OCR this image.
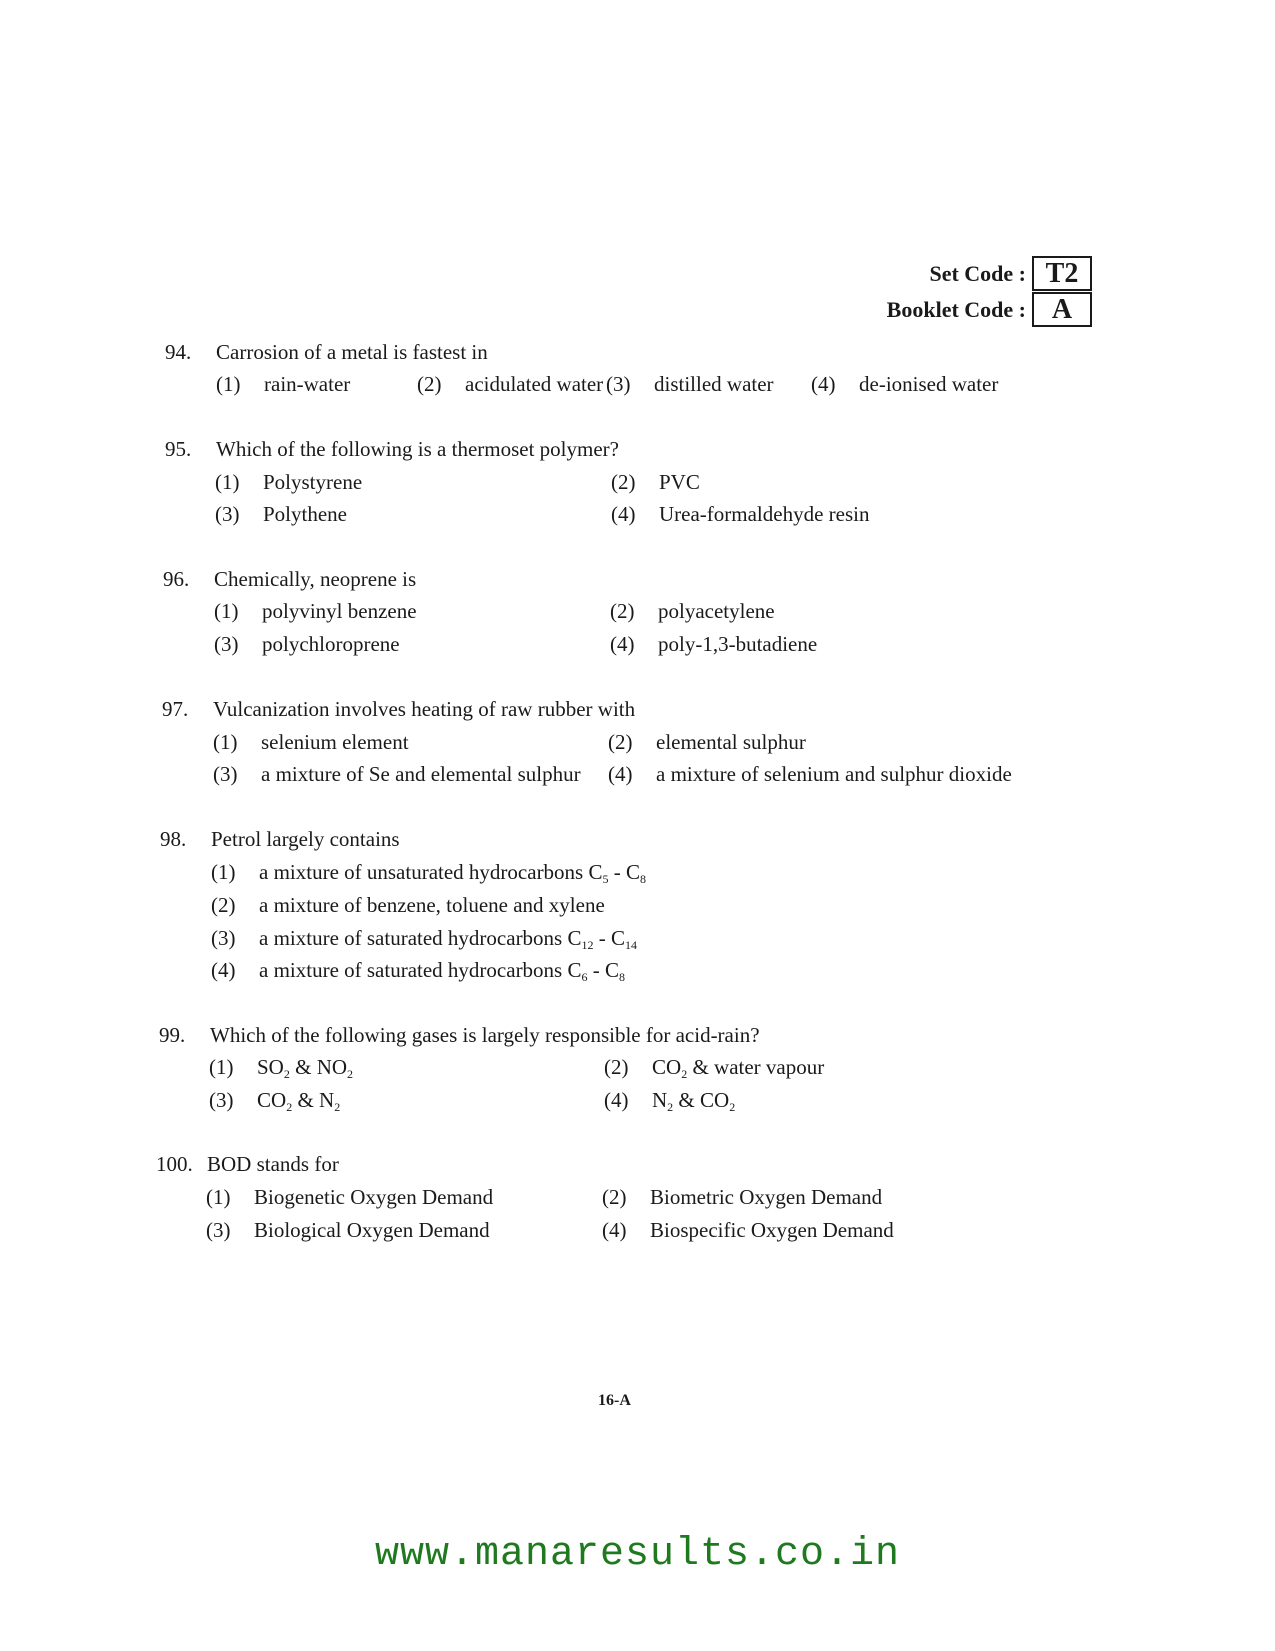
Set Code : T2
Booklet Code : A
94.	Carrosion of a metal is fastest in
(1)	rain-water	(2)	acidulated water (3)	distilled water (4)	de-ionised water
95.	Which of the following is a thermoset polymer?
(1)	Polystyrene	(2)	PVC
(3)	Polythene	(4)	Urea-formaldehyde resin
96.	Chemically, neoprene is
(1)	polyvinyl benzene	(2)	polyacetylene
(3)	polychloroprene	(4)	poly-1,3-butadiene
97.	Vulcanization involves heating of raw rubber with
(1)	selenium element	(2)	elemental sulphur
(3)	a mixture of Se and elemental sulphur (4)	a mixture of selenium and sulphur dioxide
98.	Petrol largely contains
(1)	a mixture of unsaturated hydrocarbons $C_5 - C_8$
(2)	a mixture of benzene, toluene and xylene
(3)	a mixture of saturated hydrocarbons $C_{12} - C_{14}$
(4)	a mixture of saturated hydrocarbons $C_6 - C_8$
99.	Which of the following gases is largely responsible for acid-rain?
(1)	$SO_2$ & $NO_2$	(2)	$CO_2$ & water vapour
(3)	$CO_2$ & $N_2$	(4)	$N_2$ & $CO_2$
100. BOD stands for
(1)	Biogenetic Oxygen Demand	(2)	Biometric Oxygen Demand
(3)	Biological Oxygen Demand	(4)	Biospecific Oxygen Demand
16-A
www.manaresults.co.in
